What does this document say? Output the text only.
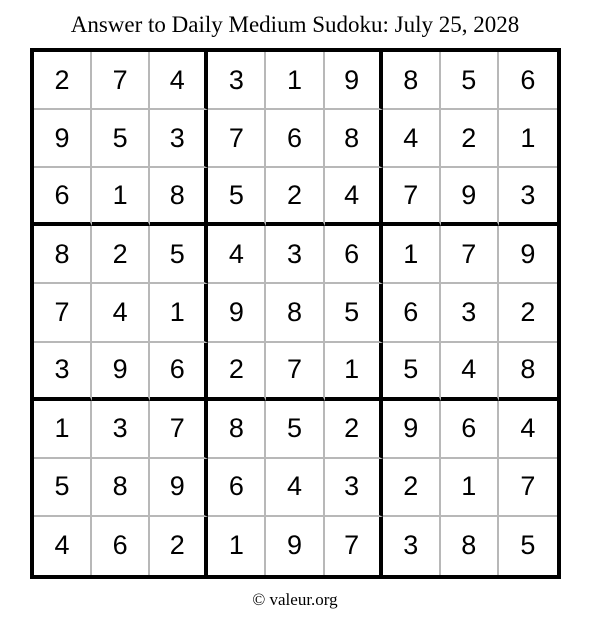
Answer to Daily Medium Sudoku: July 25, 2028
2	7	4	3	1	9	8	5	6
9	5	3	7	6	8	4	2	1
6	1	8	5	2	4	7	9	3
8	2	5	4	3	6	1	7	9
7	4	1	9	8	5	6	3	2
3	9	6	2	7	1	5	4	8
1	3	7	8	5	2	9	6	4
5	8	9	6	4	3	2	1	7
4	6	2	1	9	7	3	8	5
© valeur.org
